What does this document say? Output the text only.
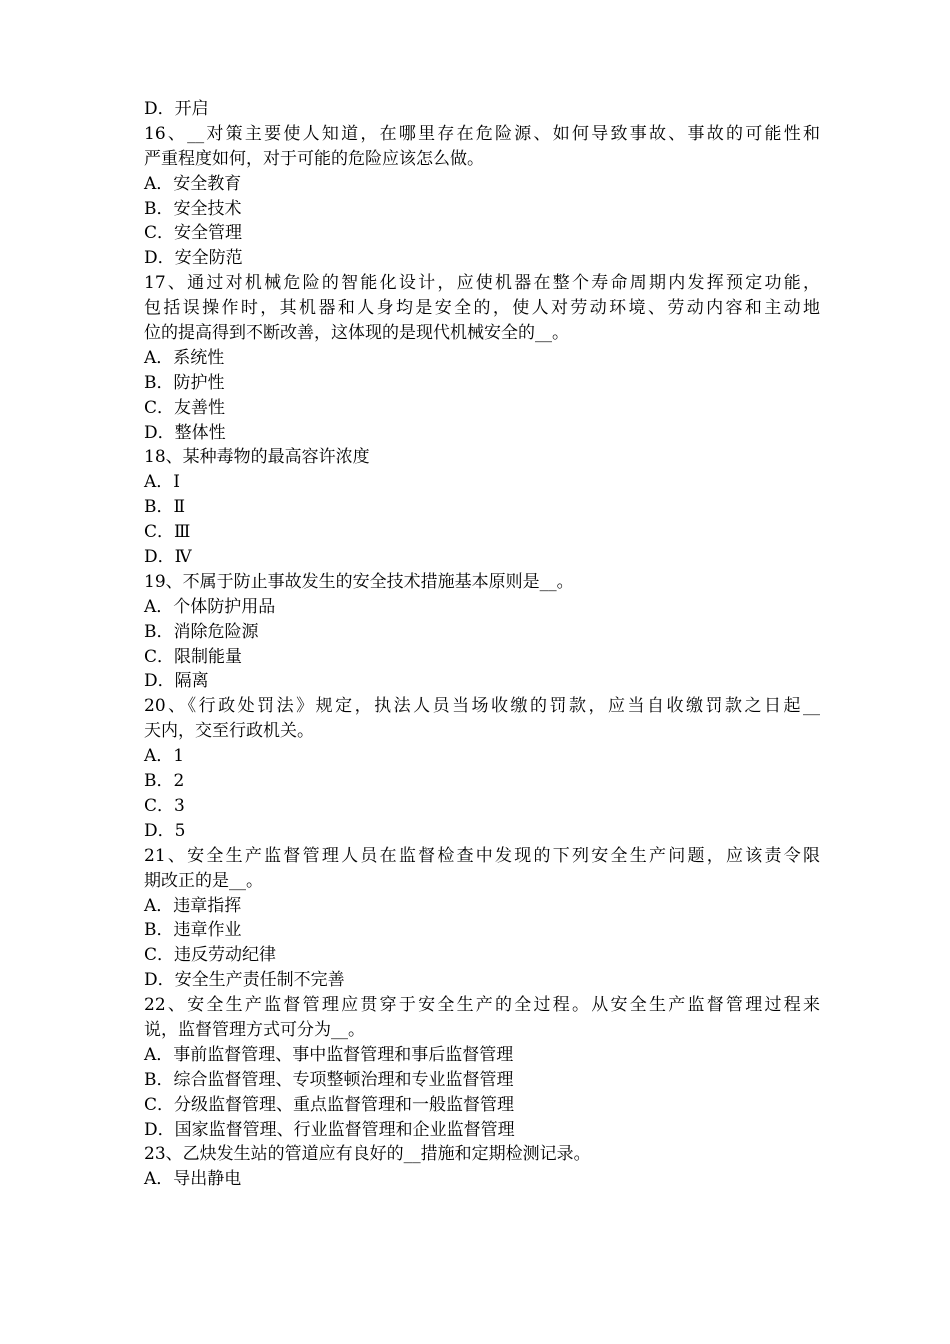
D．开启
16、__对策主要使人知道，在哪里存在危险源、如何导致事故、事故的可能性和
严重程度如何，对于可能的危险应该怎么做。
A．安全教育
B．安全技术
C．安全管理
D．安全防范
17、通过对机械危险的智能化设计，应使机器在整个寿命周期内发挥预定功能，
包括误操作时，其机器和人身均是安全的，使人对劳动环境、劳动内容和主动地
位的提高得到不断改善，这体现的是现代机械安全的__。
A．系统性
B．防护性
C．友善性
D．整体性
18、某种毒物的最高容许浓度
A．Ⅰ
B．Ⅱ
C．Ⅲ
D．Ⅳ
19、不属于防止事故发生的安全技术措施基本原则是__。
A．个体防护用品
B．消除危险源
C．限制能量
D．隔离
20、《行政处罚法》规定，执法人员当场收缴的罚款，应当自收缴罚款之日起__
天内，交至行政机关。
A．1
B．2
C．3
D．5
21、安全生产监督管理人员在监督检查中发现的下列安全生产问题，应该责令限
期改正的是__。
A．违章指挥
B．违章作业
C．违反劳动纪律
D．安全生产责任制不完善
22、安全生产监督管理应贯穿于安全生产的全过程。从安全生产监督管理过程来
说，监督管理方式可分为__。
A．事前监督管理、事中监督管理和事后监督管理
B．综合监督管理、专项整顿治理和专业监督管理
C．分级监督管理、重点监督管理和一般监督管理
D．国家监督管理、行业监督管理和企业监督管理
23、乙炔发生站的管道应有良好的__措施和定期检测记录。
A．导出静电
